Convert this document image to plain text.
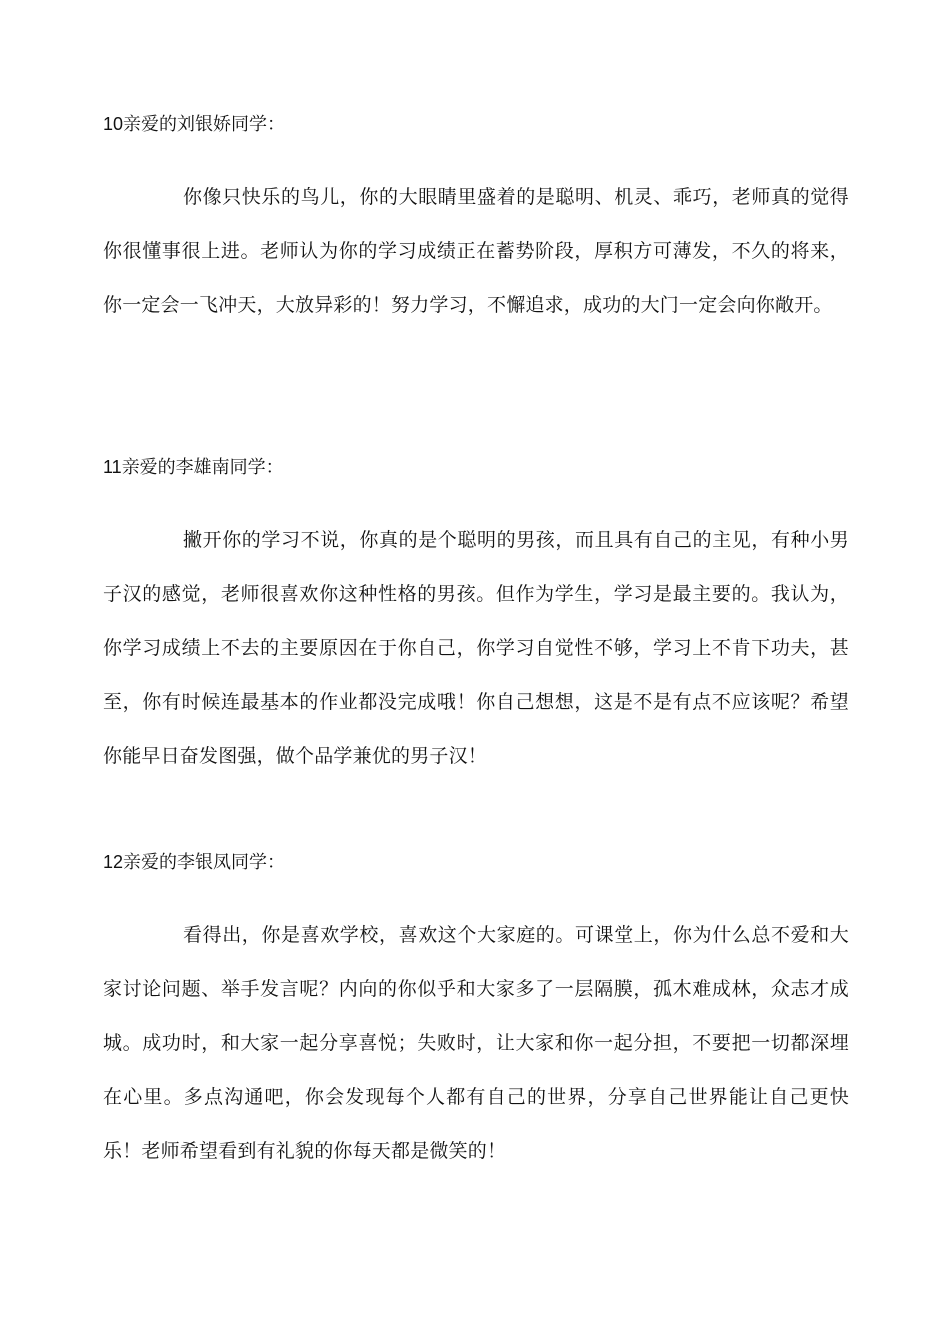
10亲爱的刘银娇同学：
你像只快乐的鸟儿，你的大眼睛里盛着的是聪明、机灵、乖巧，老师真的觉得你很懂事很上进。老师认为你的学习成绩正在蓄势阶段，厚积方可薄发，不久的将来，你一定会一飞冲天，大放异彩的！努力学习，不懈追求，成功的大门一定会向你敞开。
11亲爱的李雄南同学：
撇开你的学习不说，你真的是个聪明的男孩，而且具有自己的主见，有种小男子汉的感觉，老师很喜欢你这种性格的男孩。但作为学生，学习是最主要的。我认为，你学习成绩上不去的主要原因在于你自己，你学习自觉性不够，学习上不肯下功夫，甚至，你有时候连最基本的作业都没完成哦！你自己想想，这是不是有点不应该呢？希望你能早日奋发图强，做个品学兼优的男子汉！
12亲爱的李银凤同学：
看得出，你是喜欢学校，喜欢这个大家庭的。可课堂上，你为什么总不爱和大家讨论问题、举手发言呢？内向的你似乎和大家多了一层隔膜，孤木难成林，众志才成城。成功时，和大家一起分享喜悦；失败时，让大家和你一起分担，不要把一切都深埋在心里。多点沟通吧，你会发现每个人都有自己的世界，分享自己世界能让自己更快乐！老师希望看到有礼貌的你每天都是微笑的！
